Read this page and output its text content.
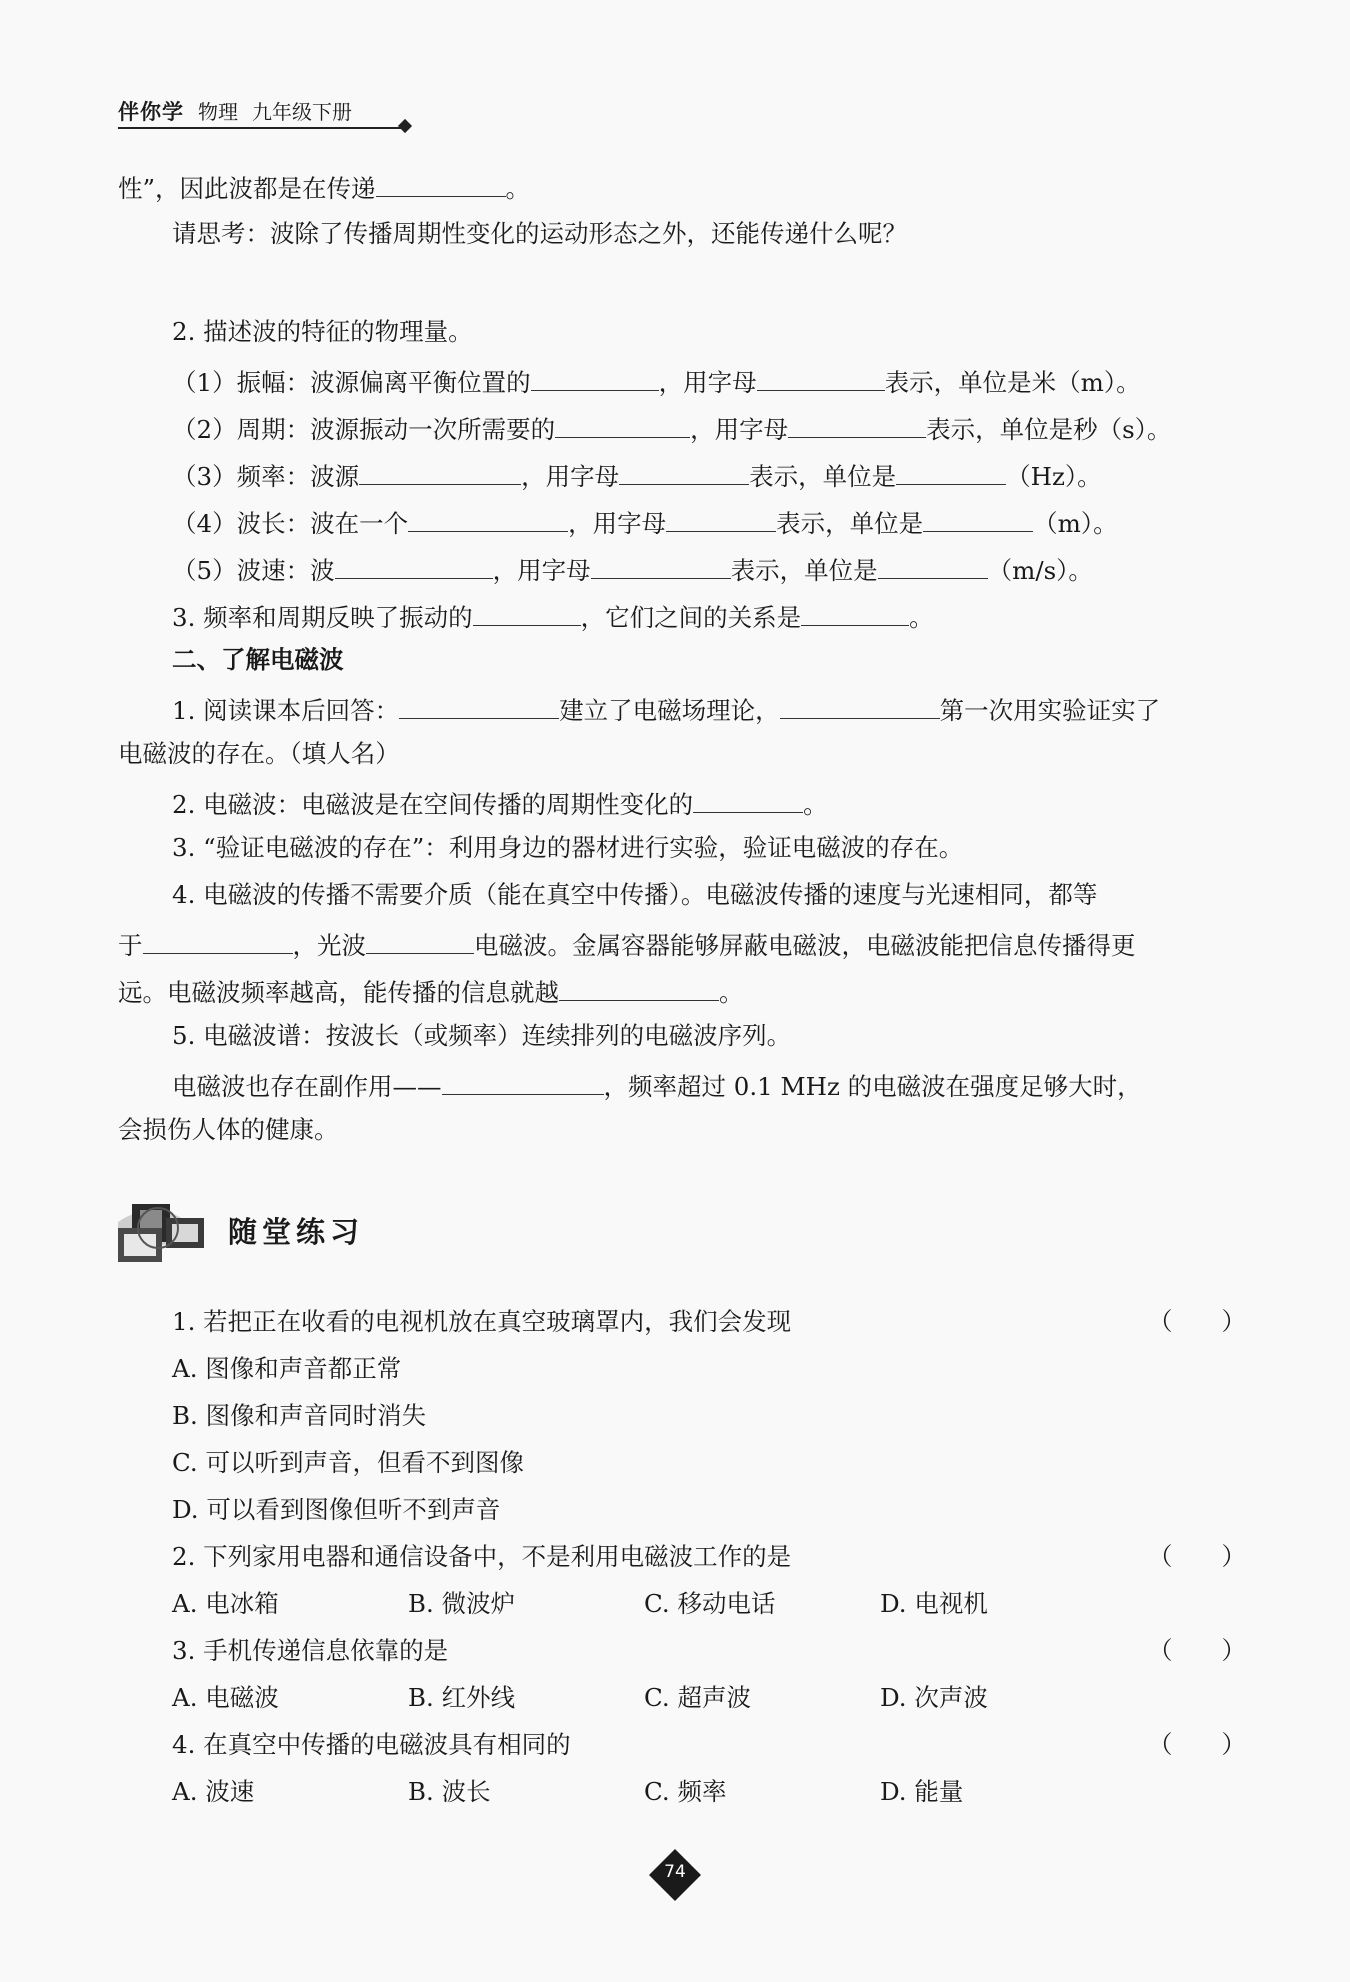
伴你学 物理 九年级下册
性”，因此波都是在传递	。
请思考：波除了传播周期性变化的运动形态之外，还能传递什么呢？
2. 描述波的特征的物理量。
（1）振幅：波源偏离平衡位置的	，用字母	表示，单位是米（m）。
（2）周期：波源振动一次所需要的	，用字母	表示，单位是秒（s）。
（3）频率：波源	，用字母	表示，单位是	（Hz）。
（4）波长：波在一个	，用字母	表示，单位是	（m）。
（5）波速：波	，用字母	表示，单位是	（m/s）。
3. 频率和周期反映了振动的	，它们之间的关系是	。
二、了解电磁波
1. 阅读课本后回答：	建立了电磁场理论，	第一次用实验证实了
电磁波的存在。（填人名）
2. 电磁波：电磁波是在空间传播的周期性变化的	。
3. “验证电磁波的存在”：利用身边的器材进行实验，验证电磁波的存在。
4. 电磁波的传播不需要介质（能在真空中传播）。电磁波传播的速度与光速相同，都等
于	，光波	电磁波。金属容器能够屏蔽电磁波，电磁波能把信息传播得更
远。电磁波频率越高，能传播的信息就越	。
5. 电磁波谱：按波长（或频率）连续排列的电磁波序列。
电磁波也存在副作用——	，频率超过 0.1 MHz 的电磁波在强度足够大时，
会损伤人体的健康。
随堂练习
1. 若把正在收看的电视机放在真空玻璃罩内，我们会发现	（　　）
A. 图像和声音都正常
B. 图像和声音同时消失
C. 可以听到声音，但看不到图像
D. 可以看到图像但听不到声音
2. 下列家用电器和通信设备中，不是利用电磁波工作的是	（　　）
A. 电冰箱	B. 微波炉	C. 移动电话	D. 电视机
3. 手机传递信息依靠的是	（　　）
A. 电磁波	B. 红外线	C. 超声波	D. 次声波
4. 在真空中传播的电磁波具有相同的	（　　）
A. 波速	B. 波长	C. 频率	D. 能量
74
